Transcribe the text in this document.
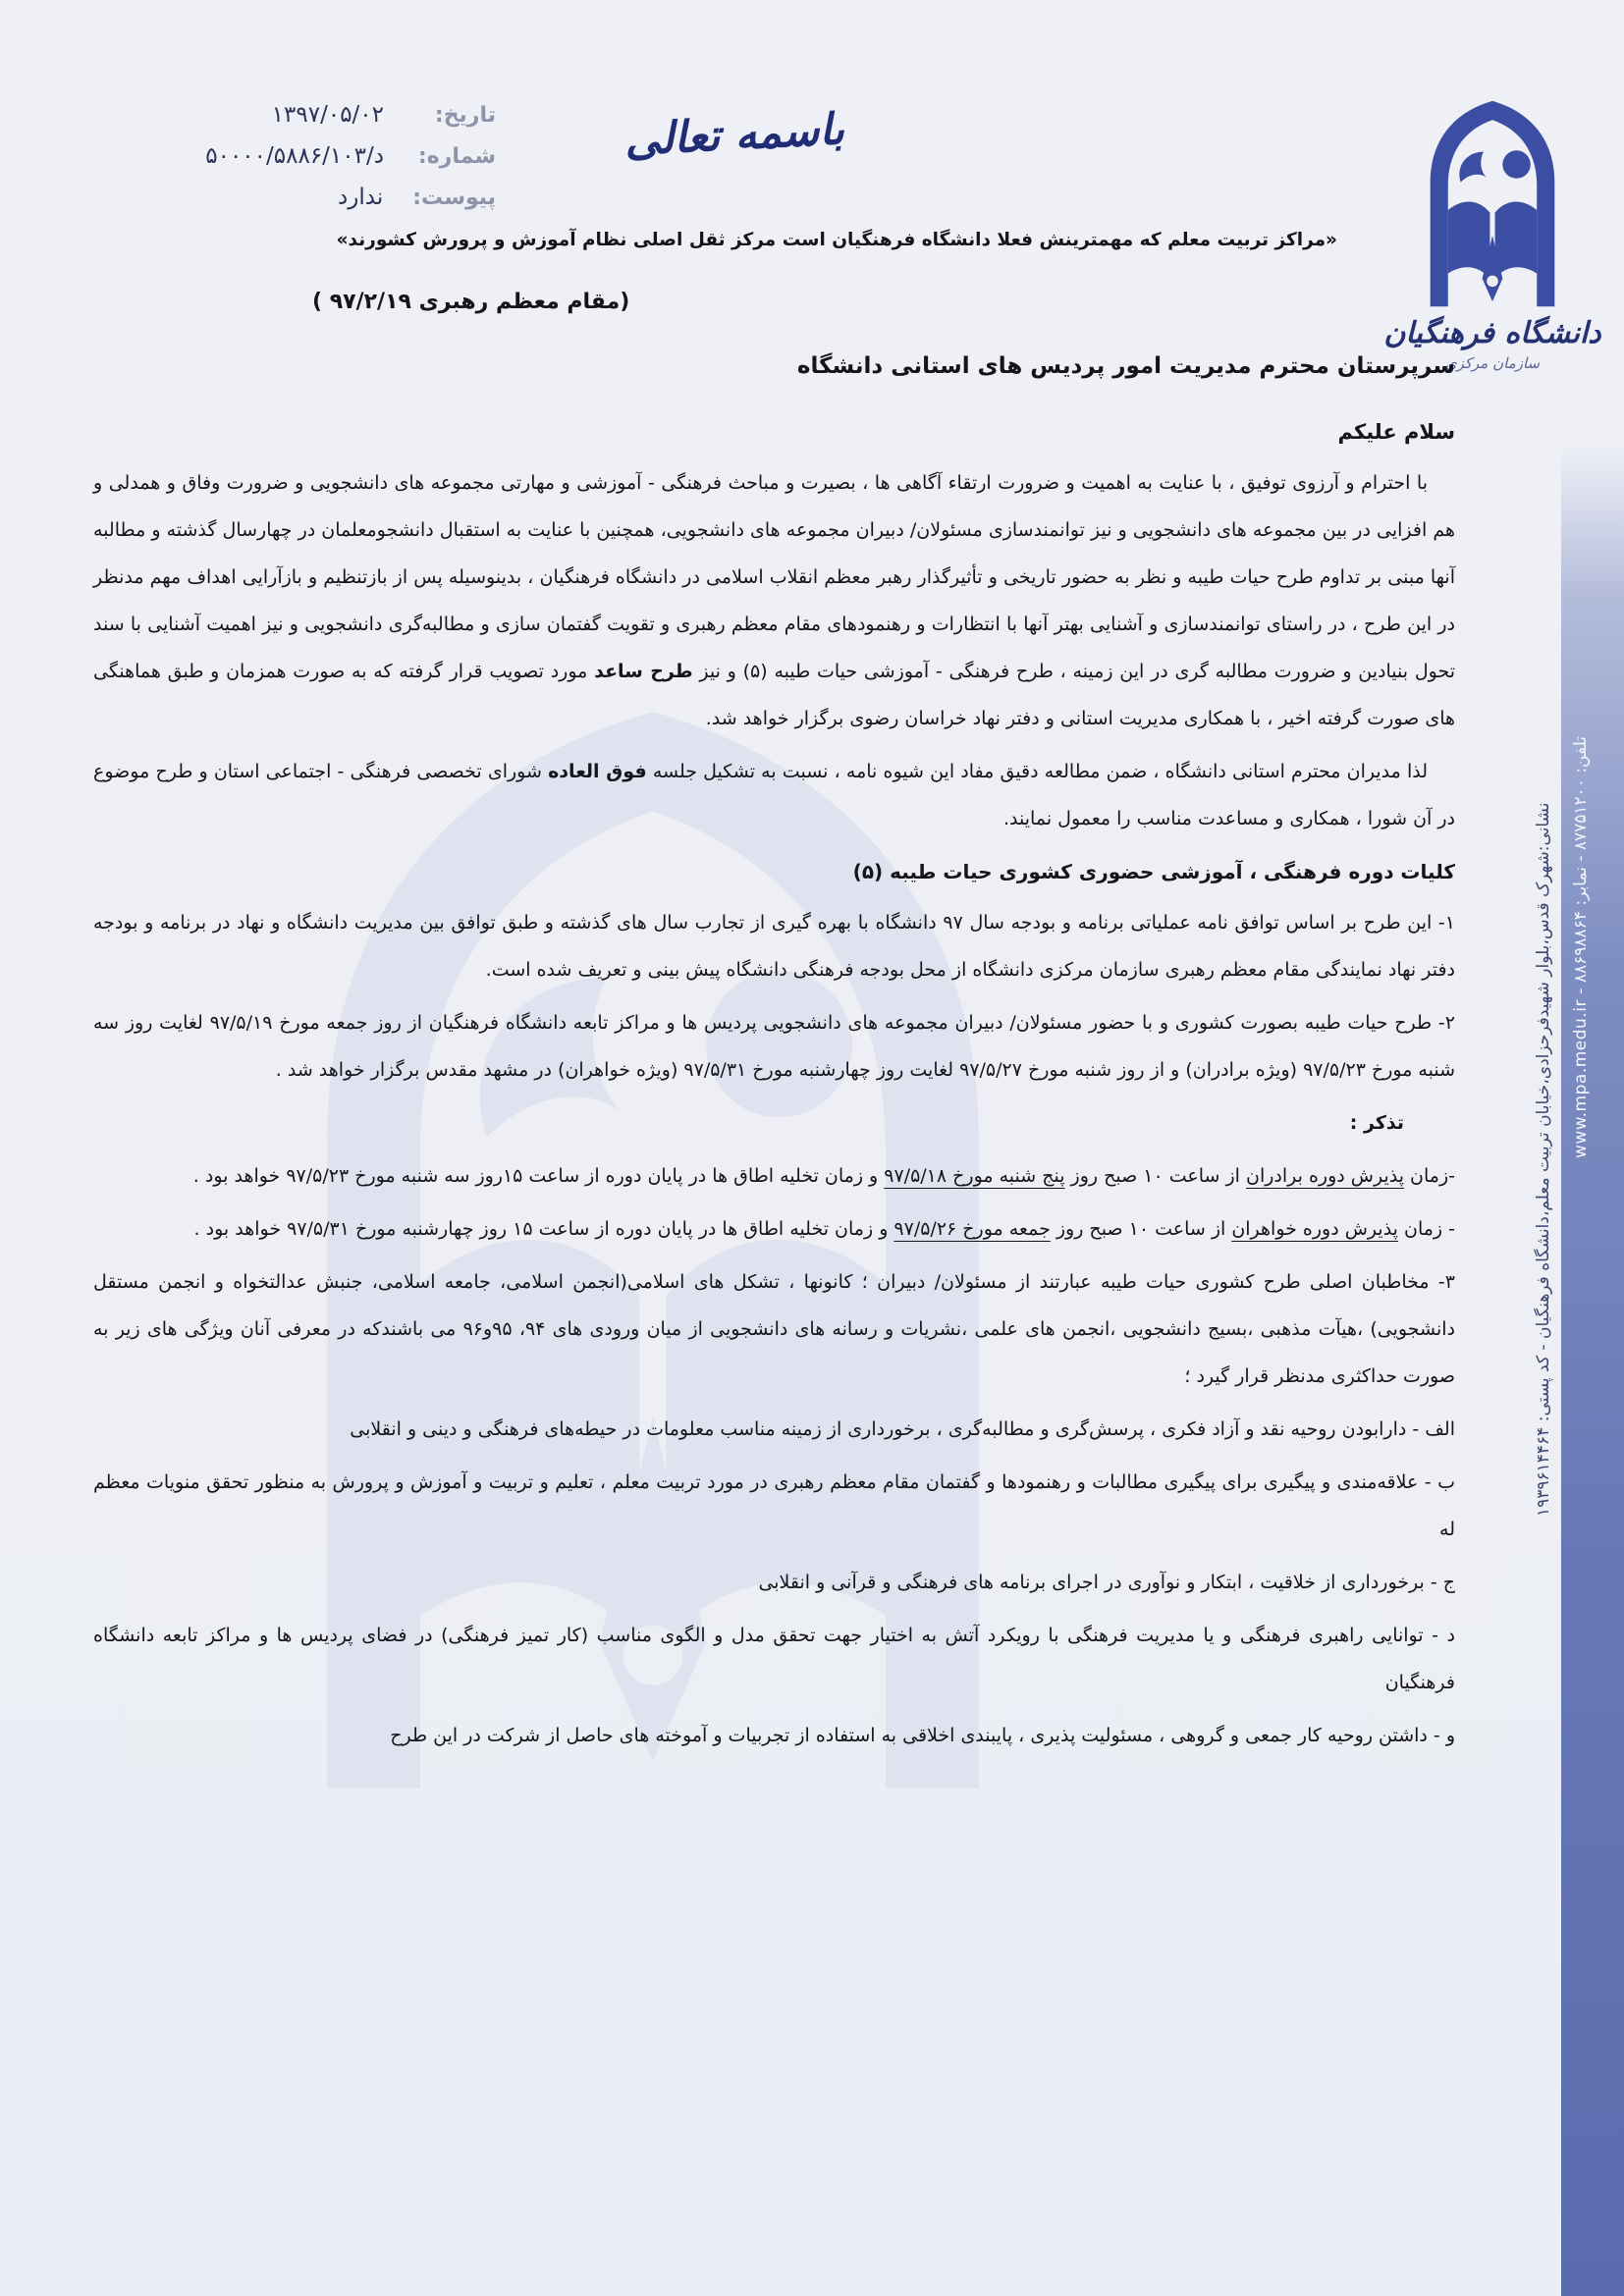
تاریخ:
۱۳۹۷/۰۵/۰۲
شماره:
د/۵۰۰۰۰/۵۸۸۶/۱۰۳
پیوست:
ندارد
باسمه تعالی
دانشگاه فرهنگیان
سازمان مرکزی
«مراکز تربیت معلم که مهمترینش فعلا دانشگاه فرهنگیان است مرکز ثقل اصلی نظام آموزش و پرورش کشورند»
(مقام معظم رهبری ۹۷/۲/۱۹ )
سرپرستان محترم مدیریت امور پردیس های استانی دانشگاه
سلام علیکم

با احترام و آرزوی توفیق ، با عنایت به اهمیت و ضرورت ارتقاء آگاهی ها ، بصیرت و مباحث فرهنگی - آموزشی و مهارتی مجموعه های دانشجویی و ضرورت وفاق و همدلی و هم افزایی در بین مجموعه های دانشجویی و نیز توانمندسازی مسئولان/ دبیران مجموعه های دانشجویی، همچنین با عنایت به استقبال دانشجومعلمان در چهارسال گذشته و مطالبه آنها مبنی بر تداوم طرح حیات طیبه و نظر به حضور تاریخی و تأثیرگذار رهبر معظم انقلاب اسلامی در دانشگاه فرهنگیان ، بدینوسیله پس از بازتنظیم و بازآرایی اهداف مهم مدنظر در این طرح ، در راستای توانمندسازی و آشنایی بهتر آنها با انتظارات و رهنمودهای مقام معظم رهبری و تقویت گفتمان سازی و مطالبه‌گری دانشجویی و نیز اهمیت آشنایی با سند تحول بنیادین و ضرورت مطالبه گری در این زمینه ، طرح فرهنگی - آموزشی حیات طیبه (۵) و نیز طرح ساعد مورد تصویب قرار گرفته که به صورت همزمان و طبق هماهنگی های صورت گرفته اخیر ، با همکاری مدیریت استانی و دفتر نهاد خراسان رضوی برگزار خواهد شد.

لذا مدیران محترم استانی دانشگاه ، ضمن مطالعه دقیق مفاد این شیوه نامه ، نسبت به تشکیل جلسه فوق العاده شورای تخصصی فرهنگی - اجتماعی استان و طرح موضوع در آن شورا ، همکاری و مساعدت مناسب را معمول نمایند.

کلیات دوره فرهنگی ، آموزشی حضوری کشوری حیات طیبه (۵)

۱- این طرح بر اساس توافق نامه عملیاتی برنامه و بودجه سال ۹۷ دانشگاه با بهره گیری از تجارب سال های گذشته و طبق توافق بین مدیریت دانشگاه و نهاد در برنامه و بودجه دفتر نهاد نمایندگی مقام معظم رهبری سازمان مرکزی دانشگاه از محل بودجه فرهنگی دانشگاه پیش بینی و تعریف شده است.

۲- طرح حیات طیبه بصورت کشوری و با حضور مسئولان/ دبیران مجموعه های دانشجویی پردیس ها و مراکز تابعه دانشگاه فرهنگیان از روز جمعه مورخ ۹۷/۵/۱۹ لغایت روز سه شنبه مورخ ۹۷/۵/۲۳ (ویژه برادران) و از روز شنبه مورخ ۹۷/۵/۲۷ لغایت روز چهارشنبه مورخ ۹۷/۵/۳۱ (ویژه خواهران) در مشهد مقدس برگزار خواهد شد .

تذکر :

-زمان پذیرش دوره برادران از ساعت ۱۰ صبح روز پنج شنبه مورخ ۹۷/۵/۱۸ و زمان تخلیه اطاق ها در پایان دوره از ساعت ۱۵روز سه شنبه مورخ ۹۷/۵/۲۳ خواهد بود .

- زمان پذیرش دوره خواهران از ساعت ۱۰ صبح روز جمعه مورخ ۹۷/۵/۲۶ و زمان تخلیه اطاق ها در پایان دوره از ساعت ۱۵ روز چهارشنبه مورخ ۹۷/۵/۳۱ خواهد بود .

۳- مخاطبان اصلی طرح کشوری حیات طیبه عبارتند از مسئولان/ دبیران ؛ کانونها ، تشکل های اسلامی(انجمن اسلامی، جامعه اسلامی، جنبش عدالتخواه و انجمن مستقل دانشجویی) ،هیآت مذهبی ،بسیج دانشجویی ،انجمن های علمی ،نشریات و رسانه های دانشجویی از میان ورودی های ۹۴، ۹۵و۹۶ می باشندکه در معرفی آنان ویژگی های زیر به صورت حداکثری مدنظر قرار گیرد ؛

الف - دارابودن روحیه نقد و آزاد فکری ، پرسش‌گری و مطالبه‌گری ، برخورداری از زمینه مناسب معلومات در حیطه‌های فرهنگی و دینی و انقلابی

ب - علاقه‌مندی و پیگیری برای پیگیری مطالبات و رهنمودها و گفتمان مقام معظم رهبری در مورد تربیت معلم ، تعلیم و تربیت و آموزش و پرورش به منظور تحقق منویات معظم له

ج - برخورداری از خلاقیت ، ابتکار و نوآوری در اجرای برنامه های فرهنگی و قرآنی و انقلابی

د - توانایی راهبری فرهنگی و یا مدیریت فرهنگی با رویکرد آتش به اختیار جهت تحقق مدل و الگوی مناسب (کار تمیز فرهنگی) در فضای پردیس ها و مراکز تابعه دانشگاه فرهنگیان

و - داشتن روحیه کار جمعی و گروهی ، مسئولیت پذیری ، پایبندی اخلاقی به استفاده از تجربیات و آموخته های حاصل از شرکت در این طرح

نشانی:شهرک قدس،بلوار شهیدفرحزادی،خیابان تربیت معلم،دانشگاه فرهنگیان - کد پستی: ۱۹۳۹۶۱۴۴۶۴ تلفن: ۸۷۷۵۱۲۰۰ - نمابر: ۸۸۶۹۸۸۶۴ - www.mpa.medu.ir
